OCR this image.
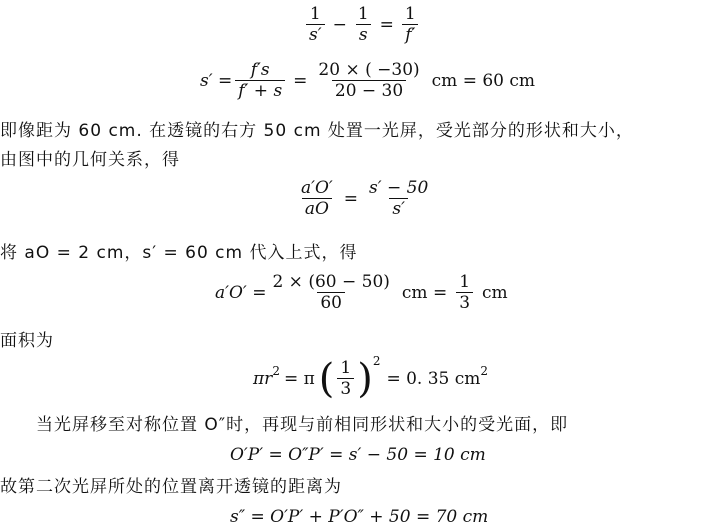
$\frac{1}{s'} - \frac{1}{s} = \frac{1}{f'}$
$s' = \frac{f's}{f' + s} = \frac{20 \times ( -30)}{20 - 30}$ cm = 60 cm
即像距为 60 cm. 在透镜的右方 50 cm 处置一光屏，受光部分的形状和大小，
由图中的几何关系，得
$\frac{a'O'}{aO} = \frac{s' - 50}{s'}$
将 aO = 2 cm，s′ = 60 cm 代入上式，得
$a'O' = \frac{2 \times (60 - 50)}{60}$ cm = $\frac{1}{3}$ cm
面积为
πr 2 = π ( $\frac{1}{3}$ ) 2
= 0. 35 cm 2
当光屏移至对称位置 O″时，再现与前相同形状和大小的受光面，即
O′P′ = O″P′ = s′ − 50 = 10 cm
故第二次光屏所处的位置离开透镜的距离为
s″ = O′P′ + P′O″ + 50 = 70 cm
